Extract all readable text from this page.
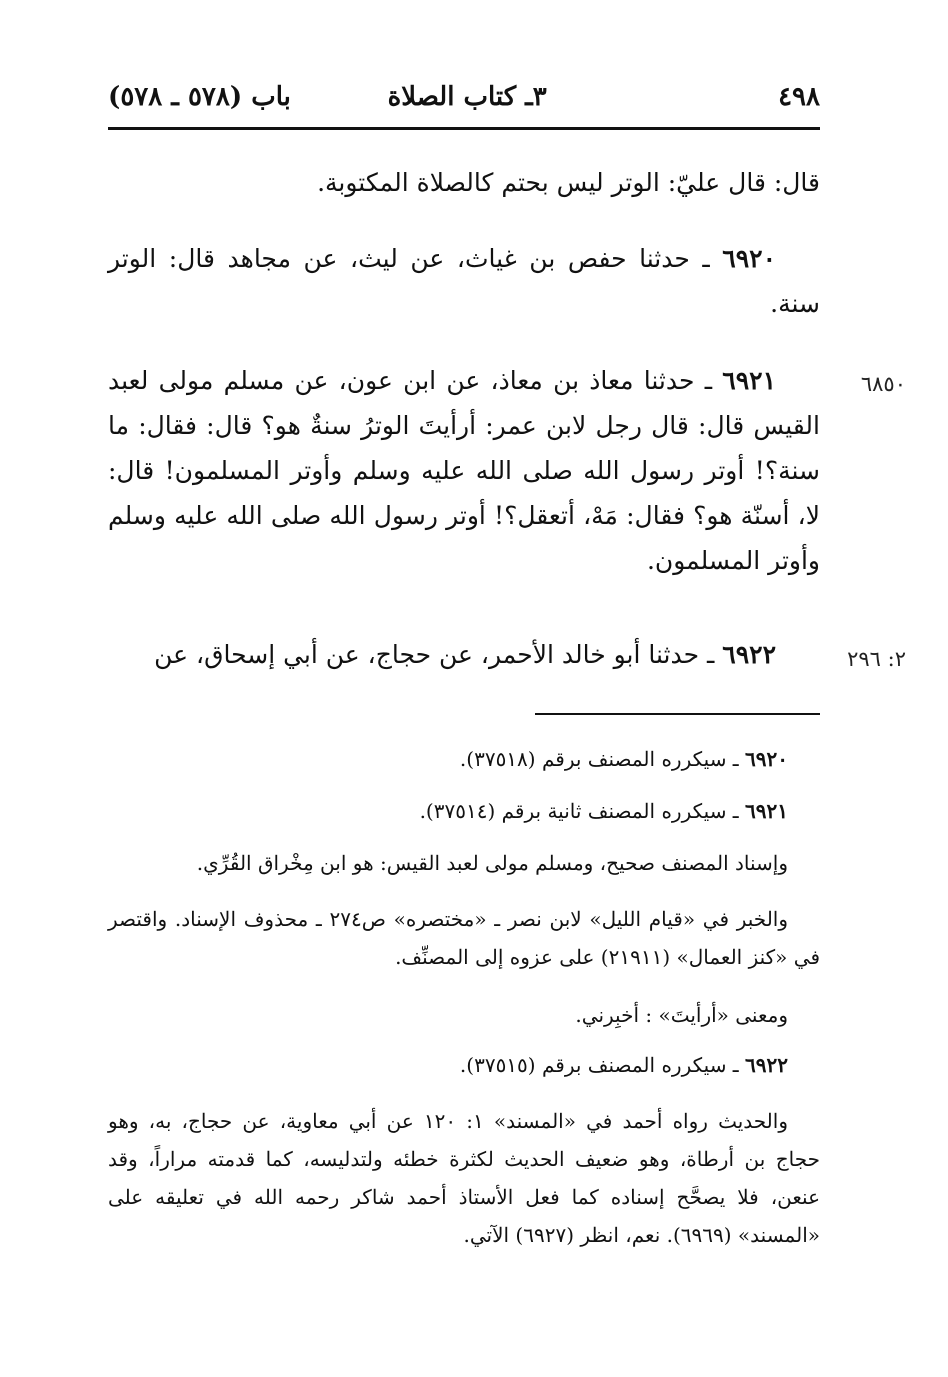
٤٩٨
٣ـ كتاب الصلاة
باب (٥٧٨ ـ ٥٧٨)

قال: قال عليّ: الوتر ليس بحتم كالصلاة المكتوبة.

٦٩٢٠ ـ حدثنا حفص بن غياث، عن ليث، عن مجاهد قال: الوتر سنة.

٦٩٢١ ـ حدثنا معاذ بن معاذ، عن ابن عون، عن مسلم مولى لعبد القيس قال: قال رجل لابن عمر: أرأيتَ الوترُ سنةٌ هو؟ قال: فقال: ما سنة؟! أوتر رسول الله صلى الله عليه وسلم وأوتر المسلمون! قال: لا، أسنّة هو؟ فقال: مَهْ، أتعقل؟! أوتر رسول الله صلى الله عليه وسلم وأوتر المسلمون.

٦٩٢٢ ـ حدثنا أبو خالد الأحمر، عن حجاج، عن أبي إسحاق، عن

٦٨٥٠
٢: ٢٩٦

٦٩٢٠ ـ سيكرره المصنف برقم (٣٧٥١٨).

٦٩٢١ ـ سيكرره المصنف ثانية برقم (٣٧٥١٤).

وإسناد المصنف صحيح، ومسلم مولى لعبد القيس: هو ابن مِخْراق القُرِّي.

والخبر في «قيام الليل» لابن نصر ـ «مختصره» ص٢٧٤ ـ محذوف الإسناد. واقتصر في «كنز العمال» (٢١٩١١) على عزوه إلى المصنِّف.

ومعنى «أرأيتَ» : أخبِرني.

٦٩٢٢ ـ سيكرره المصنف برقم (٣٧٥١٥).

والحديث رواه أحمد في «المسند» ١: ١٢٠ عن أبي معاوية، عن حجاج، به، وهو حجاج بن أرطاة، وهو ضعيف الحديث لكثرة خطئه ولتدليسه، كما قدمته مراراً، وقد عنعن، فلا يصحَّح إسناده كما فعل الأستاذ أحمد شاكر رحمه الله في تعليقه على «المسند» (٦٩٦٩). نعم، انظر (٦٩٢٧) الآتي.
